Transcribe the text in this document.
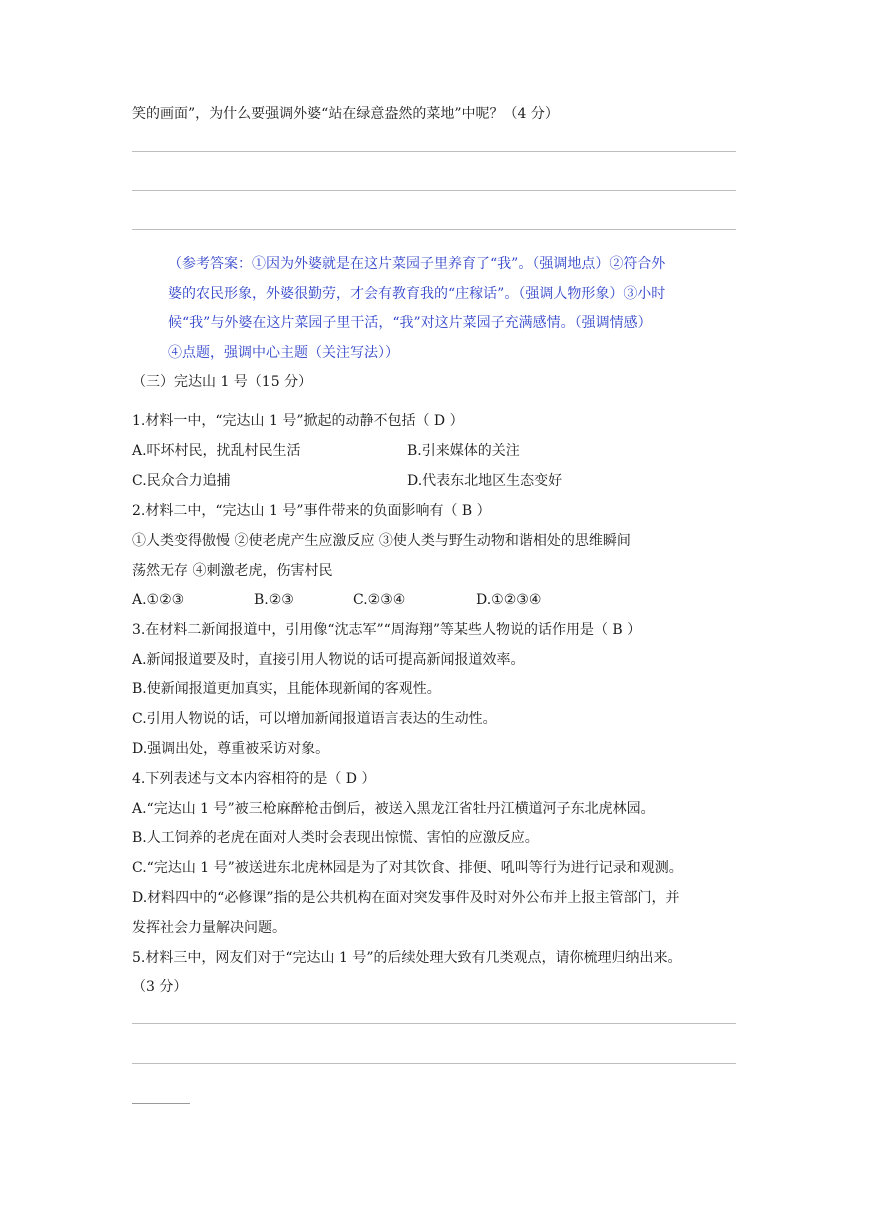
笑的画面”，为什么要强调外婆“站在绿意盎然的菜地”中呢？（4 分）
（参考答案：①因为外婆就是在这片菜园子里养育了“我”。（强调地点）②符合外
婆的农民形象，外婆很勤劳，才会有教育我的“庄稼话”。（强调人物形象）③小时
候“我”与外婆在这片菜园子里干活，“我”对这片菜园子充满感情。（强调情感）
④点题，强调中心主题（关注写法））
（三）完达山 1 号（15 分）
1.材料一中，“完达山 1 号”掀起的动静不包括（ D ）
A.吓坏村民，扰乱村民生活	B.引来媒体的关注
C.民众合力追捕	D.代表东北地区生态变好
2.材料二中，“完达山 1 号”事件带来的负面影响有（ B ）
①人类变得傲慢 ②使老虎产生应激反应 ③使人类与野生动物和谐相处的思维瞬间
荡然无存 ④刺激老虎，伤害村民
A.①②③	B.②③	C.②③④	D.①②③④
3.在材料二新闻报道中，引用像“沈志军”“周海翔”等某些人物说的话作用是（ B ）
A.新闻报道要及时，直接引用人物说的话可提高新闻报道效率。
B.使新闻报道更加真实，且能体现新闻的客观性。
C.引用人物说的话，可以增加新闻报道语言表达的生动性。
D.强调出处，尊重被采访对象。
4.下列表述与文本内容相符的是（ D ）
A.“完达山 1 号”被三枪麻醉枪击倒后，被送入黑龙江省牡丹江横道河子东北虎林园。
B.人工饲养的老虎在面对人类时会表现出惊慌、害怕的应激反应。
C.“完达山 1 号”被送进东北虎林园是为了对其饮食、排便、吼叫等行为进行记录和观测。
D.材料四中的“必修课”指的是公共机构在面对突发事件及时对外公布并上报主管部门，并
发挥社会力量解决问题。
5.材料三中，网友们对于“完达山 1 号”的后续处理大致有几类观点，请你梳理归纳出来。
（3 分）
